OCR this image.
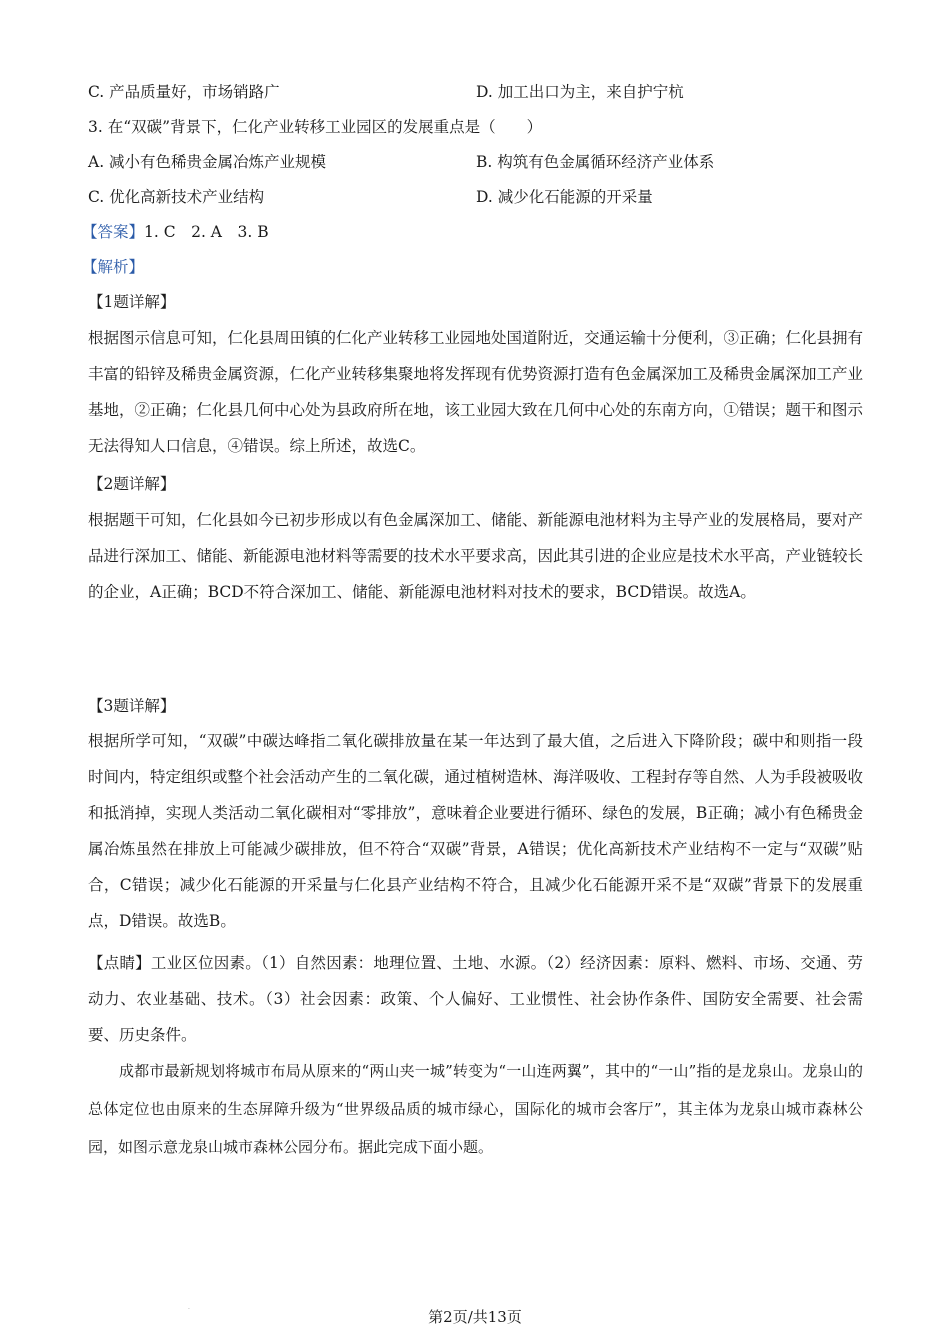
C. 产品质量好，市场销路广	D. 加工出口为主，来自护宁杭
3. 在“双碳”背景下，仁化产业转移工业园区的发展重点是（　　）
A. 减小有色稀贵金属冶炼产业规模	B. 构筑有色金属循环经济产业体系
C. 优化高新技术产业结构	D. 减少化石能源的开采量
【答案】1. C　2. A　3. B
【解析】
【1题详解】
根据图示信息可知，仁化县周田镇的仁化产业转移工业园地处国道附近，交通运输十分便利，③正确；仁化县拥有丰富的铅锌及稀贵金属资源，仁化产业转移集聚地将发挥现有优势资源打造有色金属深加工及稀贵金属深加工产业基地，②正确；仁化县几何中心处为县政府所在地，该工业园大致在几何中心处的东南方向，①错误；题干和图示无法得知人口信息，④错误。综上所述，故选C。
【2题详解】
根据题干可知，仁化县如今已初步形成以有色金属深加工、储能、新能源电池材料为主导产业的发展格局，要对产品进行深加工、储能、新能源电池材料等需要的技术水平要求高，因此其引进的企业应是技术水平高，产业链较长的企业，A正确；BCD不符合深加工、储能、新能源电池材料对技术的要求，BCD错误。故选A。
【3题详解】
根据所学可知，“双碳”中碳达峰指二氧化碳排放量在某一年达到了最大值，之后进入下降阶段；碳中和则指一段时间内，特定组织或整个社会活动产生的二氧化碳，通过植树造林、海洋吸收、工程封存等自然、人为手段被吸收和抵消掉，实现人类活动二氧化碳相对“零排放”，意味着企业要进行循环、绿色的发展，B正确；减小有色稀贵金属冶炼虽然在排放上可能减少碳排放，但不符合“双碳”背景，A错误；优化高新技术产业结构不一定与“双碳”贴合，C错误；减少化石能源的开采量与仁化县产业结构不符合，且减少化石能源开采不是“双碳”背景下的发展重点，D错误。故选B。
【点睛】工业区位因素。（1）自然因素：地理位置、土地、水源。（2）经济因素：原料、燃料、市场、交通、劳动力、农业基础、技术。（3）社会因素：政策、个人偏好、工业惯性、社会协作条件、国防安全需要、社会需要、历史条件。
成都市最新规划将城市布局从原来的“两山夹一城”转变为“一山连两翼”，其中的“一山”指的是龙泉山。龙泉山的总体定位也由原来的生态屏障升级为“世界级品质的城市绿心，国际化的城市会客厅”，其主体为龙泉山城市森林公园，如图示意龙泉山城市森林公园分布。据此完成下面小题。
·	第2页/共13页
